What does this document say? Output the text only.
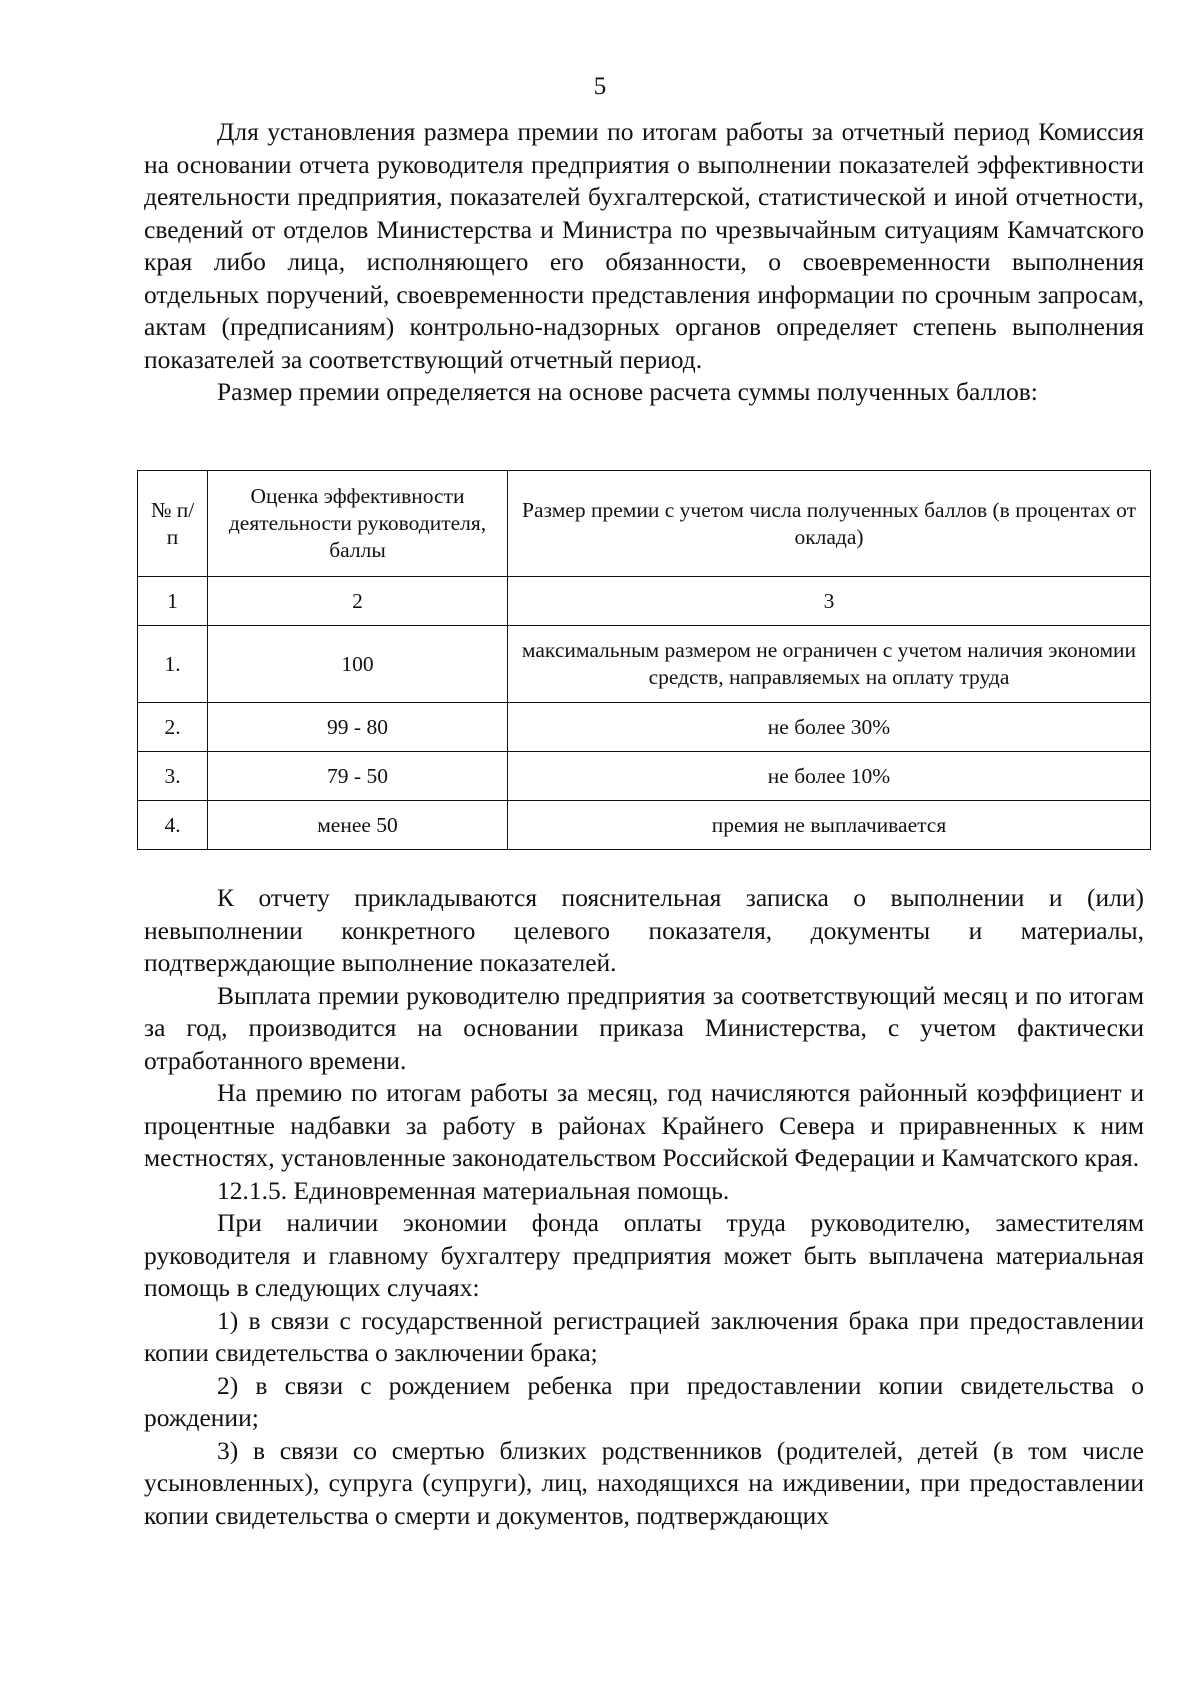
5

Для установления размера премии по итогам работы за отчетный период Комиссия на основании отчета руководителя предприятия о выполнении показателей эффективности деятельности предприятия, показателей бухгалтерской, статистической и иной отчетности, сведений от отделов Министерства и Министра по чрезвычайным ситуациям Камчатского края либо лица, исполняющего его обязанности, о своевременности выполнения отдельных поручений, своевременности представления информации по срочным запросам, актам (предписаниям) контрольно-надзорных органов определяет степень выполнения показателей за соответствующий отчетный период.

Размер премии определяется на основе расчета суммы полученных баллов:

№ п/п	Оценка эффективности деятельности руководителя, баллы	Размер премии с учетом числа полученных баллов (в процентах от оклада)
1	2	3
1.	100	максимальным размером не ограничен с учетом наличия экономии средств, направляемых на оплату труда
2.	99 - 80	не более 30%
3.	79 - 50	не более 10%
4.	менее 50	премия не выплачивается

К отчету прикладываются пояснительная записка о выполнении и (или) невыполнении конкретного целевого показателя, документы и материалы, подтверждающие выполнение показателей.

Выплата премии руководителю предприятия за соответствующий месяц и по итогам за год, производится на основании приказа Министерства, с учетом фактически отработанного времени.

На премию по итогам работы за месяц, год начисляются районный коэффициент и процентные надбавки за работу в районах Крайнего Севера и приравненных к ним местностях, установленные законодательством Российской Федерации и Камчатского края.

12.1.5. Единовременная материальная помощь.

При наличии экономии фонда оплаты труда руководителю, заместителям руководителя и главному бухгалтеру предприятия может быть выплачена материальная помощь в следующих случаях:

1) в связи с государственной регистрацией заключения брака при предоставлении копии свидетельства о заключении брака;

2) в связи с рождением ребенка при предоставлении копии свидетельства о рождении;

3) в связи со смертью близких родственников (родителей, детей (в том числе усыновленных), супруга (супруги), лиц, находящихся на иждивении, при предоставлении копии свидетельства о смерти и документов, подтверждающих
